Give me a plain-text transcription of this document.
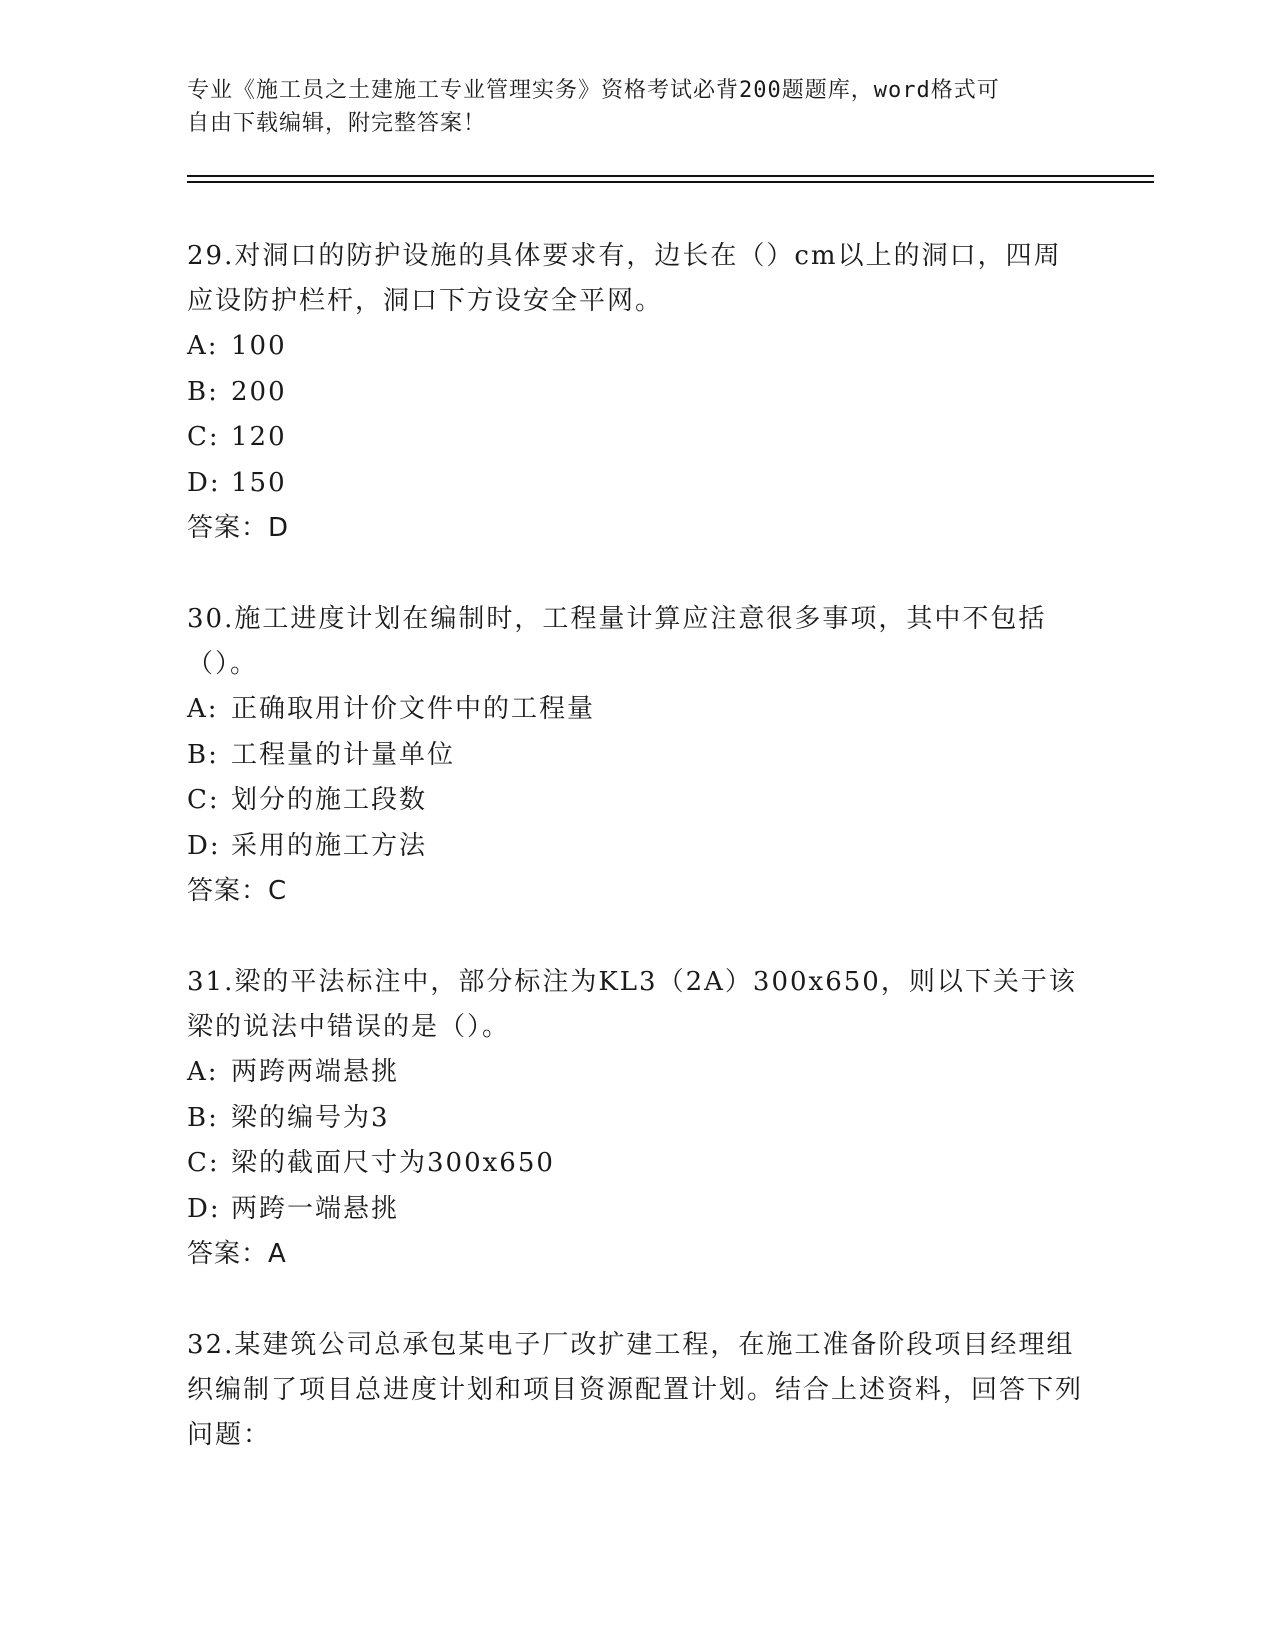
专业《施工员之土建施工专业管理实务》资格考试必背200题题库，word格式可
自由下载编辑，附完整答案！
29.对洞口的防护设施的具体要求有，边长在（）cm以上的洞口，四周应设防护栏杆，洞口下方设安全平网。
A: 100
B: 200
C: 120
D: 150
答案：D
30.施工进度计划在编制时，工程量计算应注意很多事项，其中不包括（）。
A: 正确取用计价文件中的工程量
B: 工程量的计量单位
C: 划分的施工段数
D: 采用的施工方法
答案：C
31.梁的平法标注中，部分标注为KL3（2A）300x650，则以下关于该梁的说法中错误的是（）。
A: 两跨两端悬挑
B: 梁的编号为3
C: 梁的截面尺寸为300x650
D: 两跨一端悬挑
答案：A
32.某建筑公司总承包某电子厂改扩建工程，在施工准备阶段项目经理组织编制了项目总进度计划和项目资源配置计划。结合上述资料，回答下列问题：
